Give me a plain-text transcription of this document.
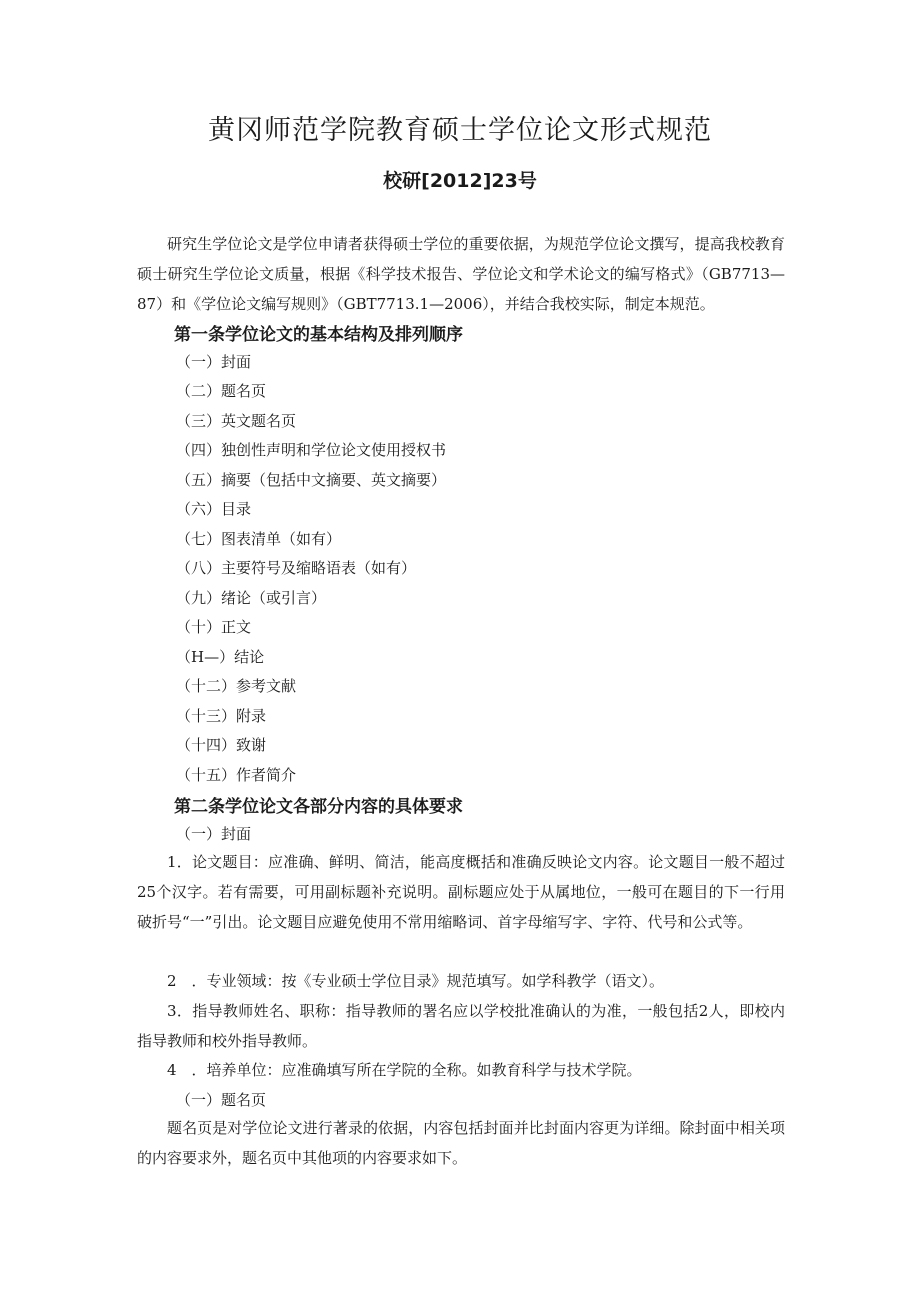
黄冈师范学院教育硕士学位论文形式规范
校研[2012]23号
研究生学位论文是学位申请者获得硕士学位的重要依据，为规范学位论文撰写，提高我校教育硕士研究生学位论文质量，根据《科学技术报告、学位论文和学术论文的编写格式》（GB7713—87）和《学位论文编写规则》（GBT7713.1—2006），并结合我校实际，制定本规范。
第一条学位论文的基本结构及排列顺序
（一）封面
（二）题名页
（三）英文题名页
（四）独创性声明和学位论文使用授权书
（五）摘要（包括中文摘要、英文摘要）
（六）目录
（七）图表清单（如有）
（八）主要符号及缩略语表（如有）
（九）绪论（或引言）
（十）正文
（H—）结论
（十二）参考文献
（十三）附录
（十四）致谢
（十五）作者简介
第二条学位论文各部分内容的具体要求
（一）封面
1．论文题目：应准确、鲜明、简洁，能高度概括和准确反映论文内容。论文题目一般不超过25个汉字。若有需要，可用副标题补充说明。副标题应处于从属地位，一般可在题目的下一行用破折号“一”引出。论文题目应避免使用不常用缩略词、首字母缩写字、字符、代号和公式等。
2　．专业领域：按《专业硕士学位目录》规范填写。如学科教学（语文）。
3．指导教师姓名、职称：指导教师的署名应以学校批准确认的为准，一般包括2人，即校内指导教师和校外指导教师。
4　．培养单位：应准确填写所在学院的全称。如教育科学与技术学院。
（一）题名页
题名页是对学位论文进行著录的依据，内容包括封面并比封面内容更为详细。除封面中相关项的内容要求外，题名页中其他项的内容要求如下。
